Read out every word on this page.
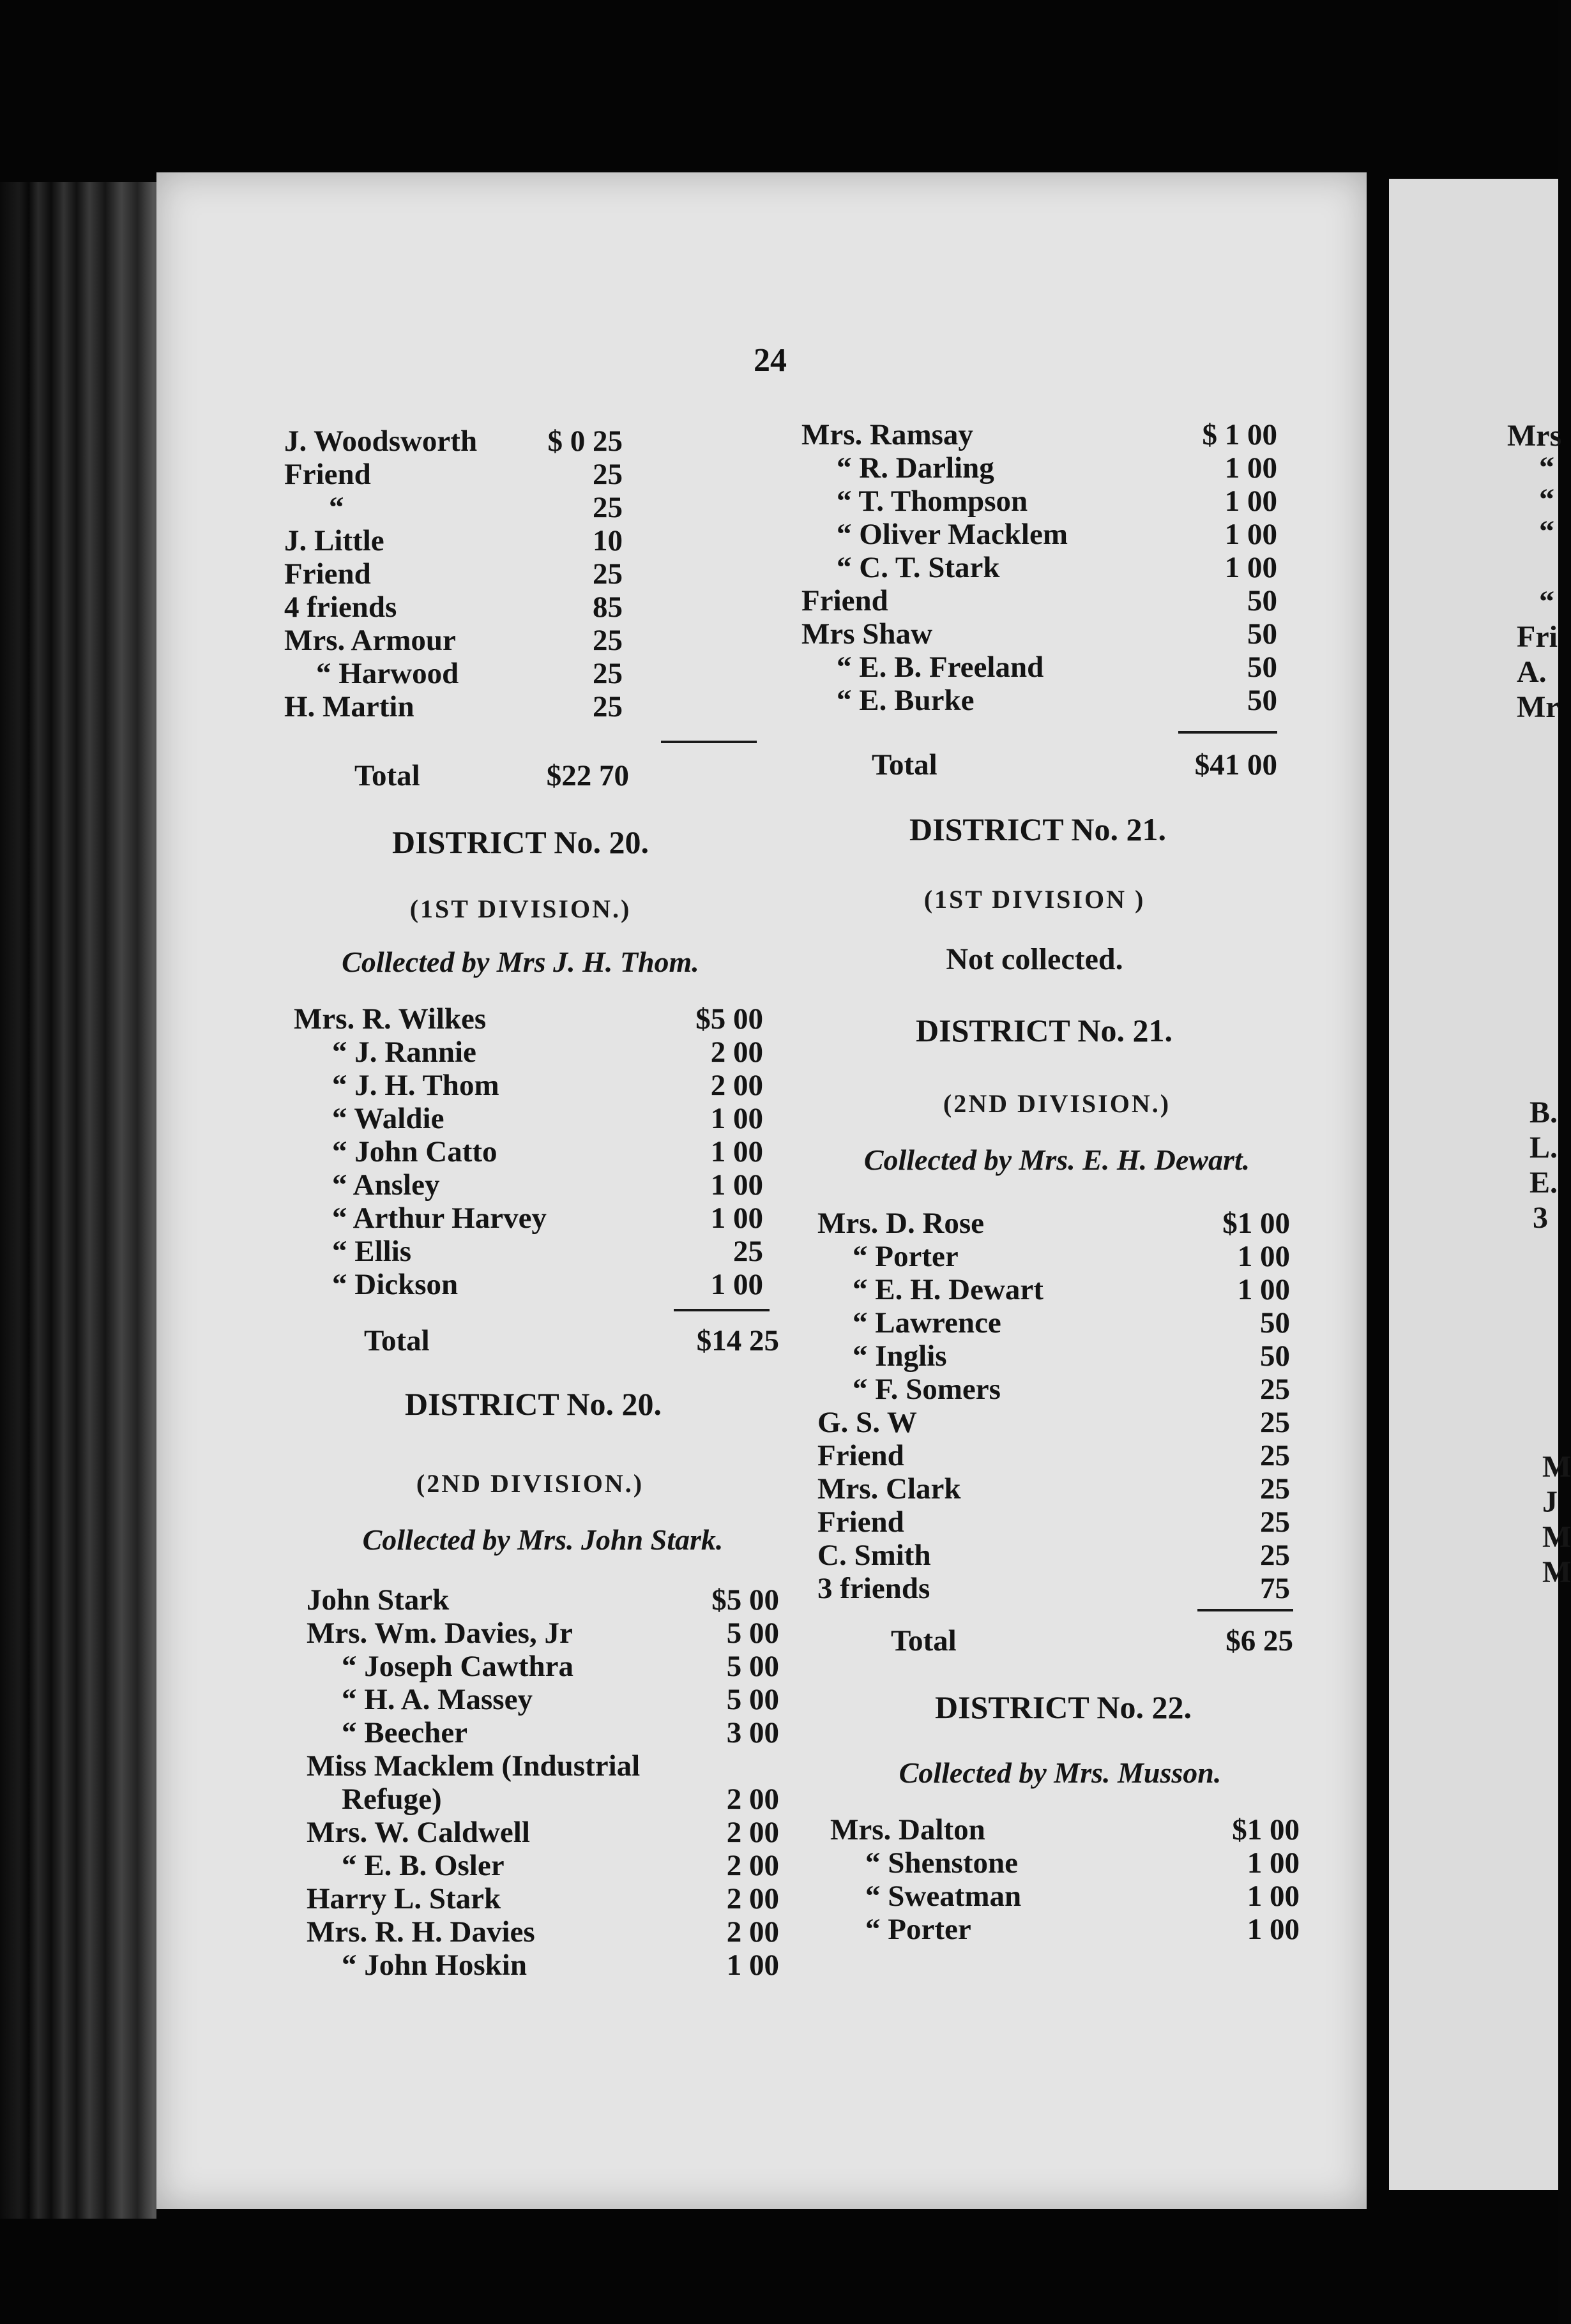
Mrs
“
“
“
“
Fri
A.
Mr
B.
L.
E.
3
M
J
M
M
24
J. Woodsworth $ 0 25
Friend	25
“	25
J. Little	10
Friend	25
4 friends	85
Mrs. Armour	25
“ Harwood	25
H. Martin	25
Total	$22 70
DISTRICT No. 20.
(1ST DIVISION.)
Collected by Mrs J. H. Thom.
Mrs. R. Wilkes	$5 00
“ J. Rannie	2 00
“ J. H. Thom	2 00
“ Waldie	1 00
“ John Catto	1 00
“ Ansley	1 00
“ Arthur Harvey	1 00
“ Ellis	25
“ Dickson	1 00
Total	$14 25
DISTRICT No. 20.
(2ND DIVISION.)
Collected by Mrs. John Stark.
John Stark	$5 00
Mrs. Wm. Davies, Jr	5 00
“ Joseph Cawthra	5 00
“ H. A. Massey	5 00
“ Beecher	3 00
Miss Macklem (Industrial
Refuge)	2 00
Mrs. W. Caldwell	2 00
“ E. B. Osler	2 00
Harry L. Stark	2 00
Mrs. R. H. Davies	2 00
“ John Hoskin	1 00
Mrs. Ramsay	$ 1 00
“ R. Darling	1 00
“ T. Thompson	1 00
“ Oliver Macklem	1 00
“ C. T. Stark	1 00
Friend	50
Mrs Shaw	50
“ E. B. Freeland	50
“ E. Burke	50
Total	$41 00
DISTRICT No. 21.
(1ST DIVISION )
Not collected.
DISTRICT No. 21.
(2ND DIVISION.)
Collected by Mrs. E. H. Dewart.
Mrs. D. Rose	$1 00
“ Porter	1 00
“ E. H. Dewart	1 00
“ Lawrence	50
“ Inglis	50
“ F. Somers	25
G. S. W	25
Friend	25
Mrs. Clark	25
Friend	25
C. Smith	25
3 friends	75
Total	$6 25
DISTRICT No. 22.
Collected by Mrs. Musson.
Mrs. Dalton	$1 00
“ Shenstone	1 00
“ Sweatman	1 00
“ Porter	1 00
